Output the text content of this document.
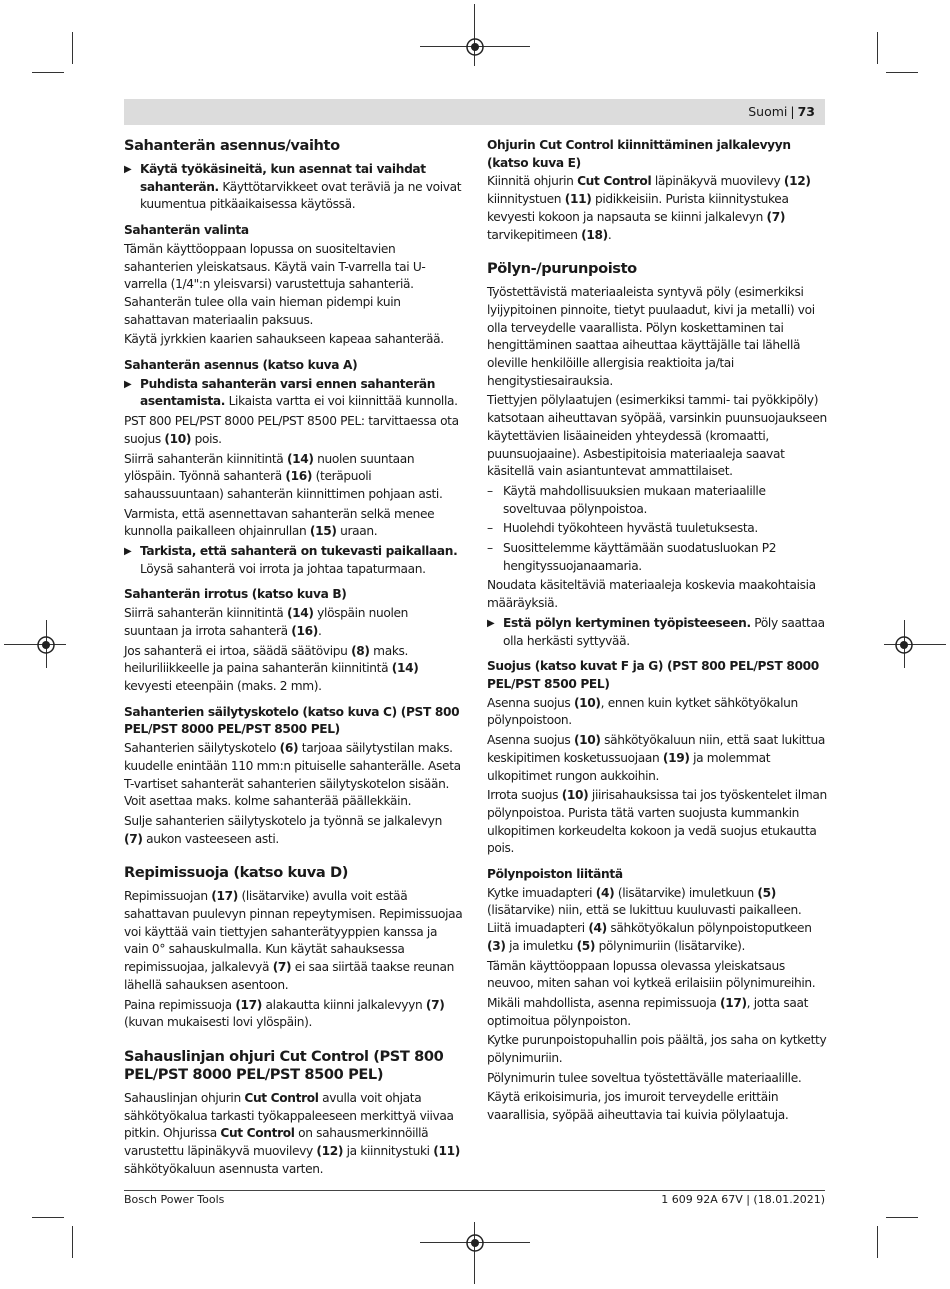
Suomi | 73
Sahanterän asennus/vaihto
▶ Käytä työkäsineitä, kun asennat tai vaihdat sahanterän. Käyttötarvikkeet ovat teräviä ja ne voivat kuumentua pitkäaikaisessa käytössä.
Sahanterän valinta

Tämän käyttöoppaan lopussa on suositeltavien sahanterien yleiskatsaus. Käytä vain T-varrella tai U-varrella (1/4":n yleisvarsi) varustettuja sahanteriä. Sahanterän tulee olla vain hieman pidempi kuin sahattavan materiaalin paksuus.

Käytä jyrkkien kaarien sahaukseen kapeaa sahanterää.

Sahanterän asennus (katso kuva A)
▶ Puhdista sahanterän varsi ennen sahanterän asentamista. Likaista vartta ei voi kiinnittää kunnolla.

PST 800 PEL/PST 8000 PEL/PST 8500 PEL: tarvittaessa ota suojus (10) pois.

Siirrä sahanterän kiinnitintä (14) nuolen suuntaan ylöspäin. Työnnä sahanterä (16) (teräpuoli sahaussuuntaan) sahanterän kiinnittimen pohjaan asti.

Varmista, että asennettavan sahanterän selkä menee kunnolla paikalleen ohjainrullan (15) uraan.

▶ Tarkista, että sahanterä on tukevasti paikallaan. Löysä sahanterä voi irrota ja johtaa tapaturmaan.
Sahanterän irrotus (katso kuva B)

Siirrä sahanterän kiinnitintä (14) ylöspäin nuolen suuntaan ja irrota sahanterä (16).

Jos sahanterä ei irtoa, säädä säätövipu (8) maks. heiluriliikkeelle ja paina sahanterän kiinnitintä (14) kevyesti eteenpäin (maks. 2 mm).

Sahanterien säilytyskotelo (katso kuva C) (PST 800 PEL/PST 8000 PEL/PST 8500 PEL)

Sahanterien säilytyskotelo (6) tarjoaa säilytystilan maks. kuudelle enintään 110 mm:n pituiselle sahanterälle. Aseta T-vartiset sahanterät sahanterien säilytyskotelon sisään. Voit asettaa maks. kolme sahanterää päällekkäin.

Sulje sahanterien säilytyskotelo ja työnnä se jalkalevyn (7) aukon vasteeseen asti.

Repimissuoja (katso kuva D)

Repimissuojan (17) (lisätarvike) avulla voit estää sahattavan puulevyn pinnan repeytymisen. Repimissuojaa voi käyttää vain tiettyjen sahanterätyyppien kanssa ja vain 0° sahauskulmalla. Kun käytät sahauksessa repimissuojaa, jalkalevyä (7) ei saa siirtää taakse reunan lähellä sahauksen asentoon.

Paina repimissuoja (17) alakautta kiinni jalkalevyyn (7) (kuvan mukaisesti lovi ylöspäin).

Sahauslinjan ohjuri Cut Control (PST 800 PEL/PST 8000 PEL/PST 8500 PEL)

Sahauslinjan ohjurin Cut Control avulla voit ohjata sähkötyökalua tarkasti työkappaleeseen merkittyä viivaa pitkin. Ohjurissa Cut Control on sahausmerkinnöillä varustettu läpinäkyvä muovilevy (12) ja kiinnitystuki (11) sähkötyökaluun asennusta varten.

Ohjurin Cut Control kiinnittäminen jalkalevyyn (katso kuva E)

Kiinnitä ohjurin Cut Control läpinäkyvä muovilevy (12) kiinnitystuen (11) pidikkeisiin. Purista kiinnitystukea kevyesti kokoon ja napsauta se kiinni jalkalevyn (7) tarvikepitimeen (18).

Pölyn-/purunpoisto

Työstettävistä materiaaleista syntyvä pöly (esimerkiksi lyijypitoinen pinnoite, tietyt puulaadut, kivi ja metalli) voi olla terveydelle vaarallista. Pölyn koskettaminen tai hengittäminen saattaa aiheuttaa käyttäjälle tai lähellä oleville henkilöille allergisia reaktioita ja/tai hengitystiesairauksia.

Tiettyjen pölylaatujen (esimerkiksi tammi- tai pyökkipöly) katsotaan aiheuttavan syöpää, varsinkin puunsuojaukseen käytettävien lisäaineiden yhteydessä (kromaatti, puunsuojaaine). Asbestipitoisia materiaaleja saavat käsitellä vain asiantuntevat ammattilaiset.

– Käytä mahdollisuuksien mukaan materiaalille soveltuvaa pölynpoistoa.
– Huolehdi työkohteen hyvästä tuuletuksesta.
– Suosittelemme käyttämään suodatusluokan P2 hengityssuojanaamaria.

Noudata käsiteltäviä materiaaleja koskevia maakohtaisia määräyksiä.

▶ Estä pölyn kertyminen työpisteeseen. Pöly saattaa olla herkästi syttyvää.
Suojus (katso kuvat F ja G) (PST 800 PEL/PST 8000 PEL/PST 8500 PEL)

Asenna suojus (10), ennen kuin kytket sähkötyökalun pölynpoistoon.

Asenna suojus (10) sähkötyökaluun niin, että saat lukittua keskipitimen kosketussuojaan (19) ja molemmat ulkopitimet rungon aukkoihin.

Irrota suojus (10) jiirisahauksissa tai jos työskentelet ilman pölynpoistoa. Purista tätä varten suojusta kummankin ulkopitimen korkeudelta kokoon ja vedä suojus etukautta pois.

Pölynpoiston liitäntä

Kytke imuadapteri (4) (lisätarvike) imuletkuun (5) (lisätarvike) niin, että se lukittuu kuuluvasti paikalleen. Liitä imuadapteri (4) sähkötyökalun pölynpoistoputkeen (3) ja imuletku (5) pölynimuriin (lisätarvike).

Tämän käyttöoppaan lopussa olevassa yleiskatsaus neuvoo, miten sahan voi kytkeä erilaisiin pölynimureihin.

Mikäli mahdollista, asenna repimissuoja (17), jotta saat optimoitua pölynpoiston.

Kytke purunpoistopuhallin pois päältä, jos saha on kytketty pölynimuriin.

Pölynimurin tulee soveltua työstettävälle materiaalille.

Käytä erikoisimuria, jos imuroit terveydelle erittäin vaarallisia, syöpää aiheuttavia tai kuivia pölylaatuja.

Bosch Power Tools	1 609 92A 67V | (18.01.2021)
